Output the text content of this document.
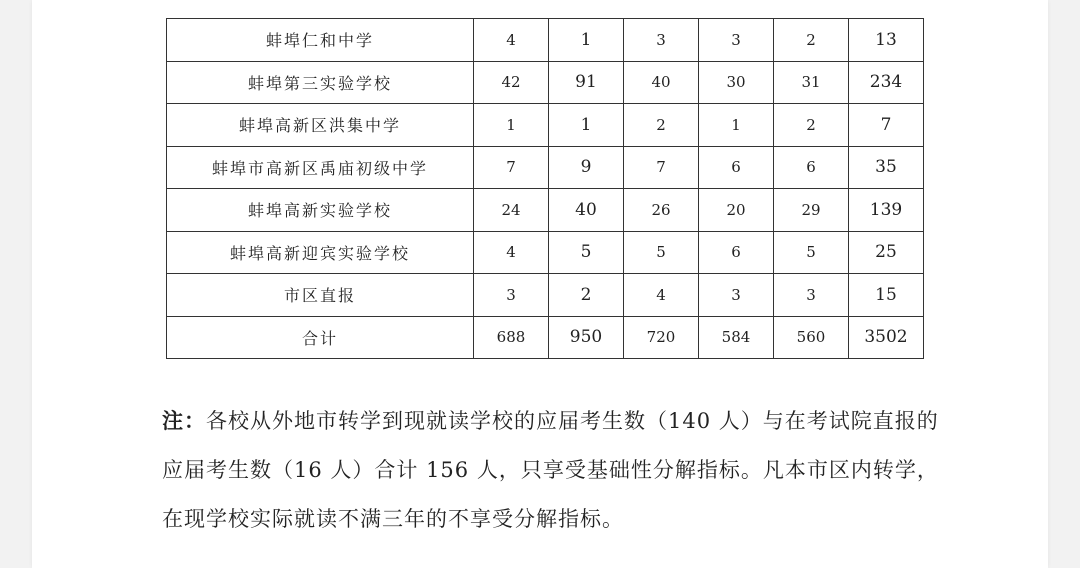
蚌埠仁和中学	4	1	3	3	2	13
蚌埠第三实验学校	42	91	40	30	31	234
蚌埠高新区洪集中学	1	1	2	1	2	7
蚌埠市高新区禹庙初级中学	7	9	7	6	6	35
蚌埠高新实验学校	24	40	26	20	29	139
蚌埠高新迎宾实验学校	4	5	5	6	5	25
市区直报	3	2	4	3	3	15
合计	688	950	720	584	560	3502
注：各校从外地市转学到现就读学校的应届考生数（140 人）与在考试院直报的应届考生数（16 人）合计 156 人，只享受基础性分解指标。凡本市区内转学，在现学校实际就读不满三年的不享受分解指标。
